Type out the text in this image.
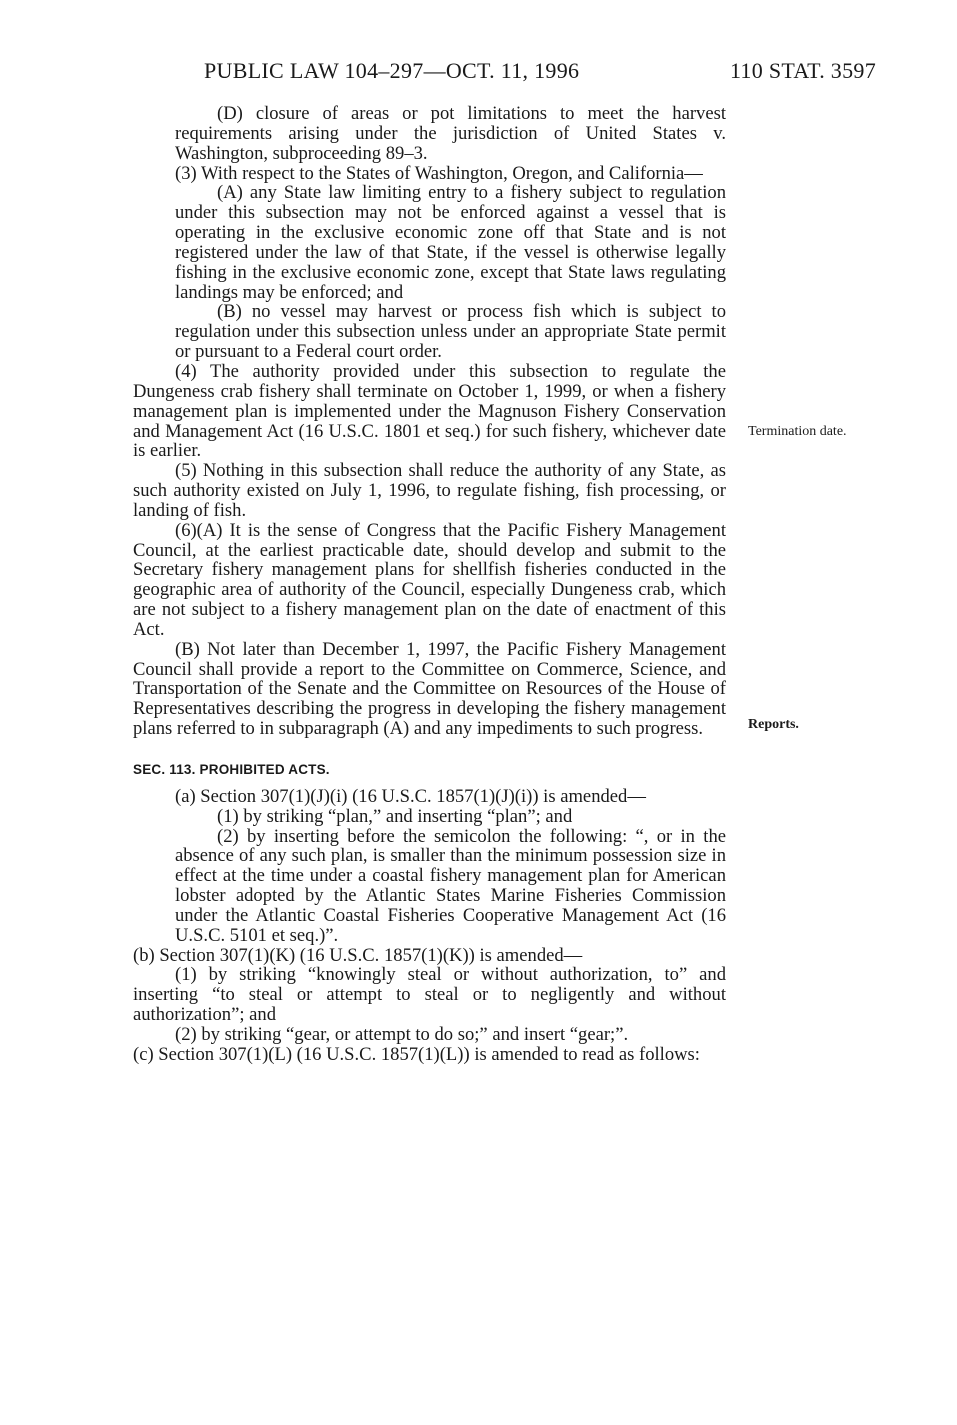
PUBLIC LAW 104–297—OCT. 11, 1996	110 STAT. 3597

(D) closure of areas or pot limitations to meet the harvest requirements arising under the jurisdiction of United States v. Washington, subproceeding 89–3.

(3) With respect to the States of Washington, Oregon, and California—

(A) any State law limiting entry to a fishery subject to regulation under this subsection may not be enforced against a vessel that is operating in the exclusive economic zone off that State and is not registered under the law of that State, if the vessel is otherwise legally fishing in the exclusive economic zone, except that State laws regulating landings may be enforced; and

(B) no vessel may harvest or process fish which is subject to regulation under this subsection unless under an appropriate State permit or pursuant to a Federal court order.

(4) The authority provided under this subsection to regulate the Dungeness crab fishery shall terminate on October 1, 1999, or when a fishery management plan is implemented under the Magnuson Fishery Conservation and Management Act (16 U.S.C. 1801 et seq.) for such fishery, whichever date is earlier.

(5) Nothing in this subsection shall reduce the authority of any State, as such authority existed on July 1, 1996, to regulate fishing, fish processing, or landing of fish.

(6)(A) It is the sense of Congress that the Pacific Fishery Management Council, at the earliest practicable date, should develop and submit to the Secretary fishery management plans for shellfish fisheries conducted in the geographic area of authority of the Council, especially Dungeness crab, which are not subject to a fishery management plan on the date of enactment of this Act.

(B) Not later than December 1, 1997, the Pacific Fishery Management Council shall provide a report to the Committee on Commerce, Science, and Transportation of the Senate and the Committee on Resources of the House of Representatives describing the progress in developing the fishery management plans referred to in subparagraph (A) and any impediments to such progress.

SEC. 113. PROHIBITED ACTS.

(a) Section 307(1)(J)(i) (16 U.S.C. 1857(1)(J)(i)) is amended—

(1) by striking “plan,” and inserting “plan”; and

(2) by inserting before the semicolon the following: “, or in the absence of any such plan, is smaller than the minimum possession size in effect at the time under a coastal fishery management plan for American lobster adopted by the Atlantic States Marine Fisheries Commission under the Atlantic Coastal Fisheries Cooperative Management Act (16 U.S.C. 5101 et seq.)”.

(b) Section 307(1)(K) (16 U.S.C. 1857(1)(K)) is amended—

(1) by striking “knowingly steal or without authorization, to” and inserting “to steal or attempt to steal or to negligently and without authorization”; and

(2) by striking “gear, or attempt to do so;” and insert “gear;”.

(c) Section 307(1)(L) (16 U.S.C. 1857(1)(L)) is amended to read as follows:

Termination date.
Reports.
